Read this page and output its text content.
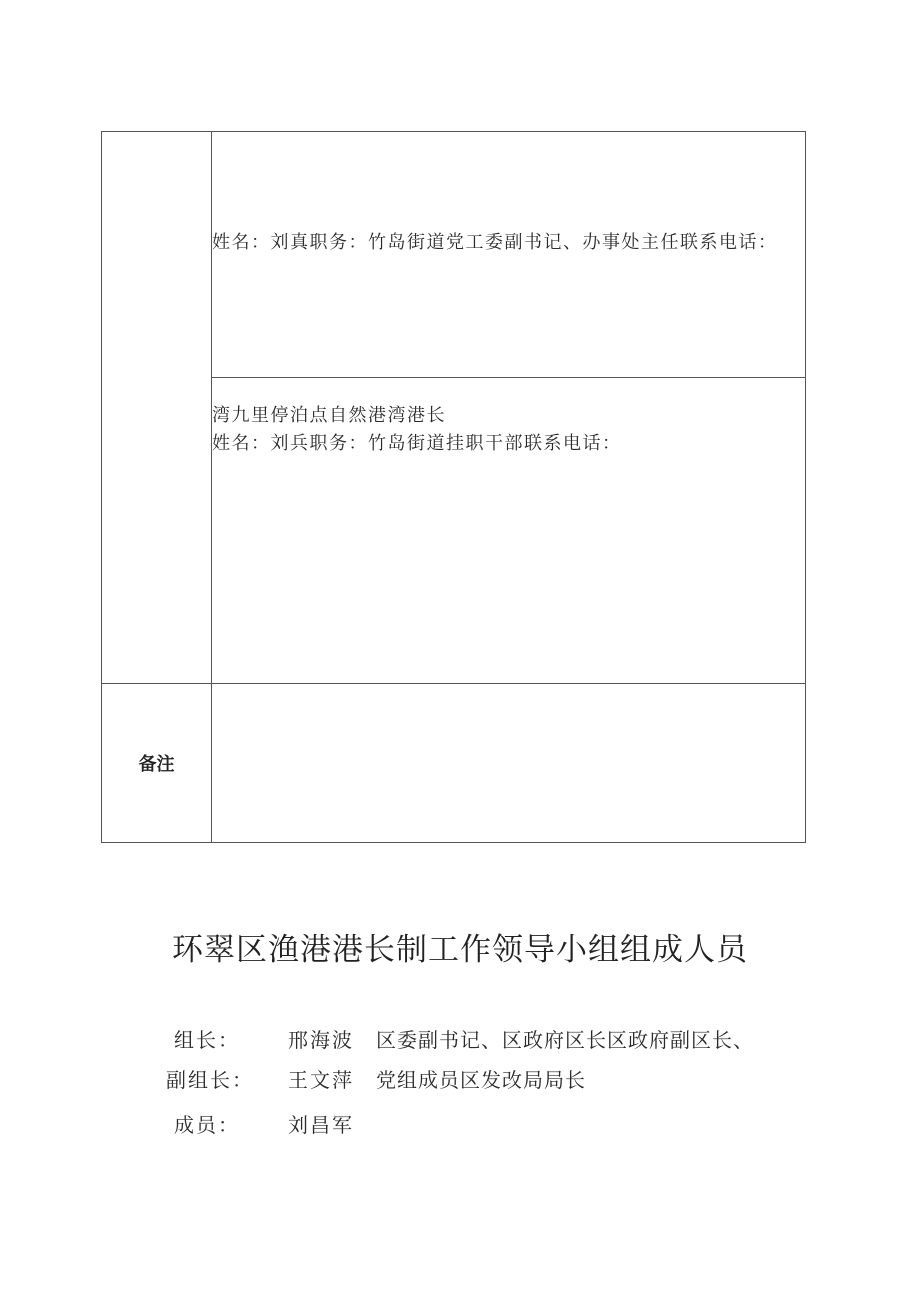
姓名：刘真职务：竹岛街道党工委副书记、办事处主任联系电话：
湾九里停泊点自然港湾港长
姓名：刘兵职务：竹岛街道挂职干部联系电话：
备注
环翠区渔港港长制工作领导小组组成人员
组长：	邢海波 区委副书记、区政府区长区政府副区长、
副组长： 王文萍 党组成员区发改局局长
成员：	刘昌军
